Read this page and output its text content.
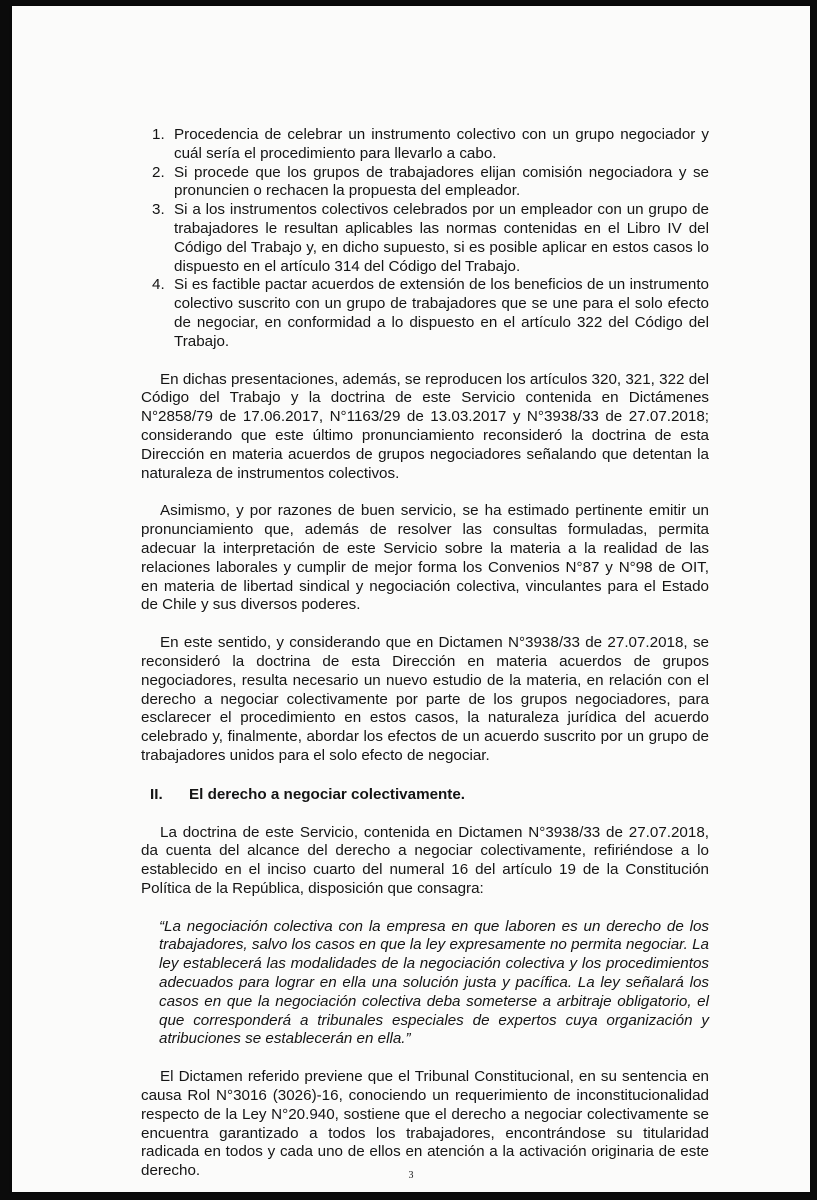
1. Procedencia de celebrar un instrumento colectivo con un grupo negociador y cuál sería el procedimiento para llevarlo a cabo.
2. Si procede que los grupos de trabajadores elijan comisión negociadora y se pronuncien o rechacen la propuesta del empleador.
3. Si a los instrumentos colectivos celebrados por un empleador con un grupo de trabajadores le resultan aplicables las normas contenidas en el Libro IV del Código del Trabajo y, en dicho supuesto, si es posible aplicar en estos casos lo dispuesto en el artículo 314 del Código del Trabajo.
4. Si es factible pactar acuerdos de extensión de los beneficios de un instrumento colectivo suscrito con un grupo de trabajadores que se une para el solo efecto de negociar, en conformidad a lo dispuesto en el artículo 322 del Código del Trabajo.

En dichas presentaciones, además, se reproducen los artículos 320, 321, 322 del Código del Trabajo y la doctrina de este Servicio contenida en Dictámenes N°2858/79 de 17.06.2017, N°1163/29 de 13.03.2017 y N°3938/33 de 27.07.2018; considerando que este último pronunciamiento reconsideró la doctrina de esta Dirección en materia acuerdos de grupos negociadores señalando que detentan la naturaleza de instrumentos colectivos.

Asimismo, y por razones de buen servicio, se ha estimado pertinente emitir un pronunciamiento que, además de resolver las consultas formuladas, permita adecuar la interpretación de este Servicio sobre la materia a la realidad de las relaciones laborales y cumplir de mejor forma los Convenios N°87 y N°98 de OIT, en materia de libertad sindical y negociación colectiva, vinculantes para el Estado de Chile y sus diversos poderes.

En este sentido, y considerando que en Dictamen N°3938/33 de 27.07.2018, se reconsideró la doctrina de esta Dirección en materia acuerdos de grupos negociadores, resulta necesario un nuevo estudio de la materia, en relación con el derecho a negociar colectivamente por parte de los grupos negociadores, para esclarecer el procedimiento en estos casos, la naturaleza jurídica del acuerdo celebrado y, finalmente, abordar los efectos de un acuerdo suscrito por un grupo de trabajadores unidos para el solo efecto de negociar.

II. El derecho a negociar colectivamente.

La doctrina de este Servicio, contenida en Dictamen N°3938/33 de 27.07.2018, da cuenta del alcance del derecho a negociar colectivamente, refiriéndose a lo establecido en el inciso cuarto del numeral 16 del artículo 19 de la Constitución Política de la República, disposición que consagra:

“La negociación colectiva con la empresa en que laboren es un derecho de los trabajadores, salvo los casos en que la ley expresamente no permita negociar. La ley establecerá las modalidades de la negociación colectiva y los procedimientos adecuados para lograr en ella una solución justa y pacífica. La ley señalará los casos en que la negociación colectiva deba someterse a arbitraje obligatorio, el que corresponderá a tribunales especiales de expertos cuya organización y atribuciones se establecerán en ella.”

El Dictamen referido previene que el Tribunal Constitucional, en su sentencia en causa Rol N°3016 (3026)-16, conociendo un requerimiento de inconstitucionalidad respecto de la Ley N°20.940, sostiene que el derecho a negociar colectivamente se encuentra garantizado a todos los trabajadores, encontrándose su titularidad radicada en todos y cada uno de ellos en atención a la activación originaria de este derecho.	3
